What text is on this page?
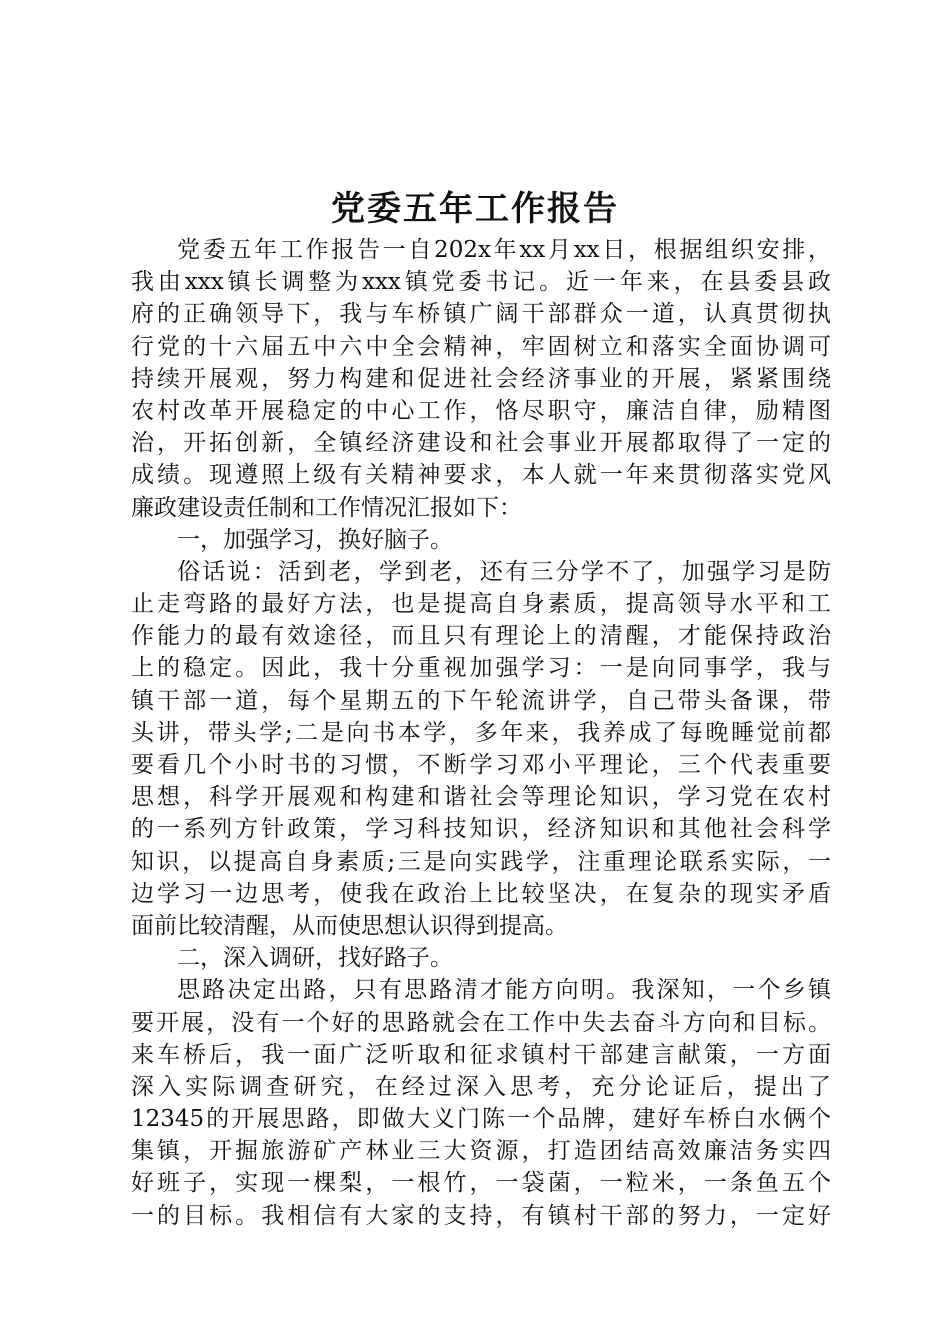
党委五年工作报告
党委五年工作报告一自202x年xx月xx日，根据组织安排，
我由xxx镇长调整为xxx镇党委书记。近一年来，在县委县政
府的正确领导下，我与车桥镇广阔干部群众一道，认真贯彻执
行党的十六届五中六中全会精神，牢固树立和落实全面协调可
持续开展观，努力构建和促进社会经济事业的开展，紧紧围绕
农村改革开展稳定的中心工作，恪尽职守，廉洁自律，励精图
治，开拓创新，全镇经济建设和社会事业开展都取得了一定的
成绩。现遵照上级有关精神要求，本人就一年来贯彻落实党风
廉政建设责任制和工作情况汇报如下：
一，加强学习，换好脑子。
俗话说：活到老，学到老，还有三分学不了，加强学习是防
止走弯路的最好方法，也是提高自身素质，提高领导水平和工
作能力的最有效途径，而且只有理论上的清醒，才能保持政治
上的稳定。因此，我十分重视加强学习：一是向同事学，我与
镇干部一道，每个星期五的下午轮流讲学，自己带头备课，带
头讲，带头学;二是向书本学，多年来，我养成了每晚睡觉前都
要看几个小时书的习惯，不断学习邓小平理论，三个代表重要
思想，科学开展观和构建和谐社会等理论知识，学习党在农村
的一系列方针政策，学习科技知识，经济知识和其他社会科学
知识，以提高自身素质;三是向实践学，注重理论联系实际，一
边学习一边思考，使我在政治上比较坚决，在复杂的现实矛盾
面前比较清醒，从而使思想认识得到提高。
二，深入调研，找好路子。
思路决定出路，只有思路清才能方向明。我深知，一个乡镇
要开展，没有一个好的思路就会在工作中失去奋斗方向和目标。
来车桥后，我一面广泛听取和征求镇村干部建言献策，一方面
深入实际调查研究，在经过深入思考，充分论证后，提出了
12345的开展思路，即做大义门陈一个品牌，建好车桥白水俩个
集镇，开掘旅游矿产林业三大资源，打造团结高效廉洁务实四
好班子，实现一棵梨，一根竹，一袋菌，一粒米，一条鱼五个
一的目标。我相信有大家的支持，有镇村干部的努力，一定好
